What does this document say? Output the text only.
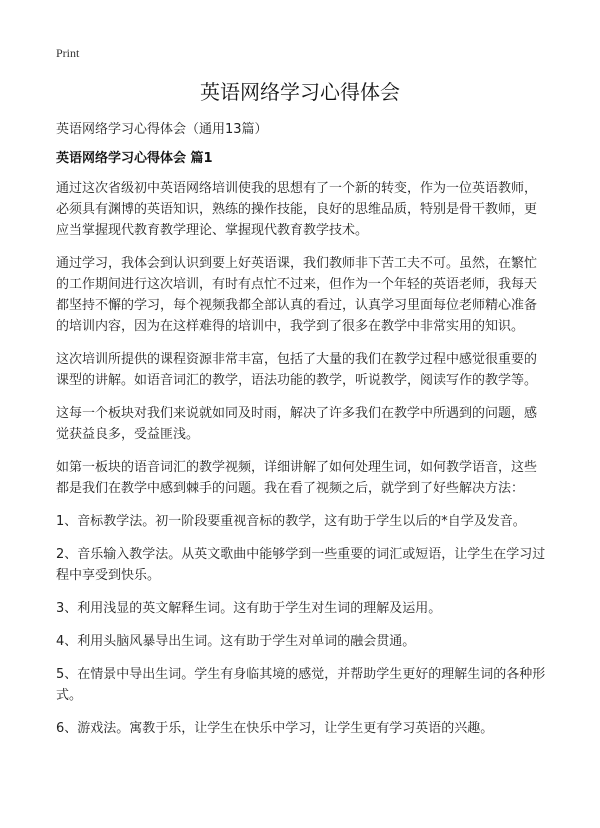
Print
英语网络学习心得体会
英语网络学习心得体会（通用13篇）
英语网络学习心得体会 篇1

通过这次省级初中英语网络培训使我的思想有了一个新的转变，作为一位英语教师，必须具有渊博的英语知识，熟练的操作技能，良好的思维品质，特别是骨干教师，更应当掌握现代教育教学理论、掌握现代教育教学技术。

通过学习，我体会到认识到要上好英语课，我们教师非下苦工夫不可。虽然，在繁忙的工作期间进行这次培训，有时有点忙不过来，但作为一个年轻的英语老师，我每天都坚持不懈的学习，每个视频我都全部认真的看过，认真学习里面每位老师精心准备的培训内容，因为在这样难得的培训中，我学到了很多在教学中非常实用的知识。

这次培训所提供的课程资源非常丰富，包括了大量的我们在教学过程中感觉很重要的课型的讲解。如语音词汇的教学，语法功能的教学，听说教学，阅读写作的教学等。

这每一个板块对我们来说就如同及时雨，解决了许多我们在教学中所遇到的问题，感觉获益良多，受益匪浅。

如第一板块的语音词汇的教学视频，详细讲解了如何处理生词，如何教学语音，这些都是我们在教学中感到棘手的问题。我在看了视频之后，就学到了好些解决方法：

1、音标教学法。初一阶段要重视音标的教学，这有助于学生以后的*自学及发音。

2、音乐输入教学法。从英文歌曲中能够学到一些重要的词汇或短语，让学生在学习过程中享受到快乐。

3、利用浅显的英文解释生词。这有助于学生对生词的理解及运用。

4、利用头脑风暴导出生词。这有助于学生对单词的融会贯通。

5、在情景中导出生词。学生有身临其境的感觉，并帮助学生更好的理解生词的各种形式。

6、游戏法。寓教于乐，让学生在快乐中学习，让学生更有学习英语的兴趣。
